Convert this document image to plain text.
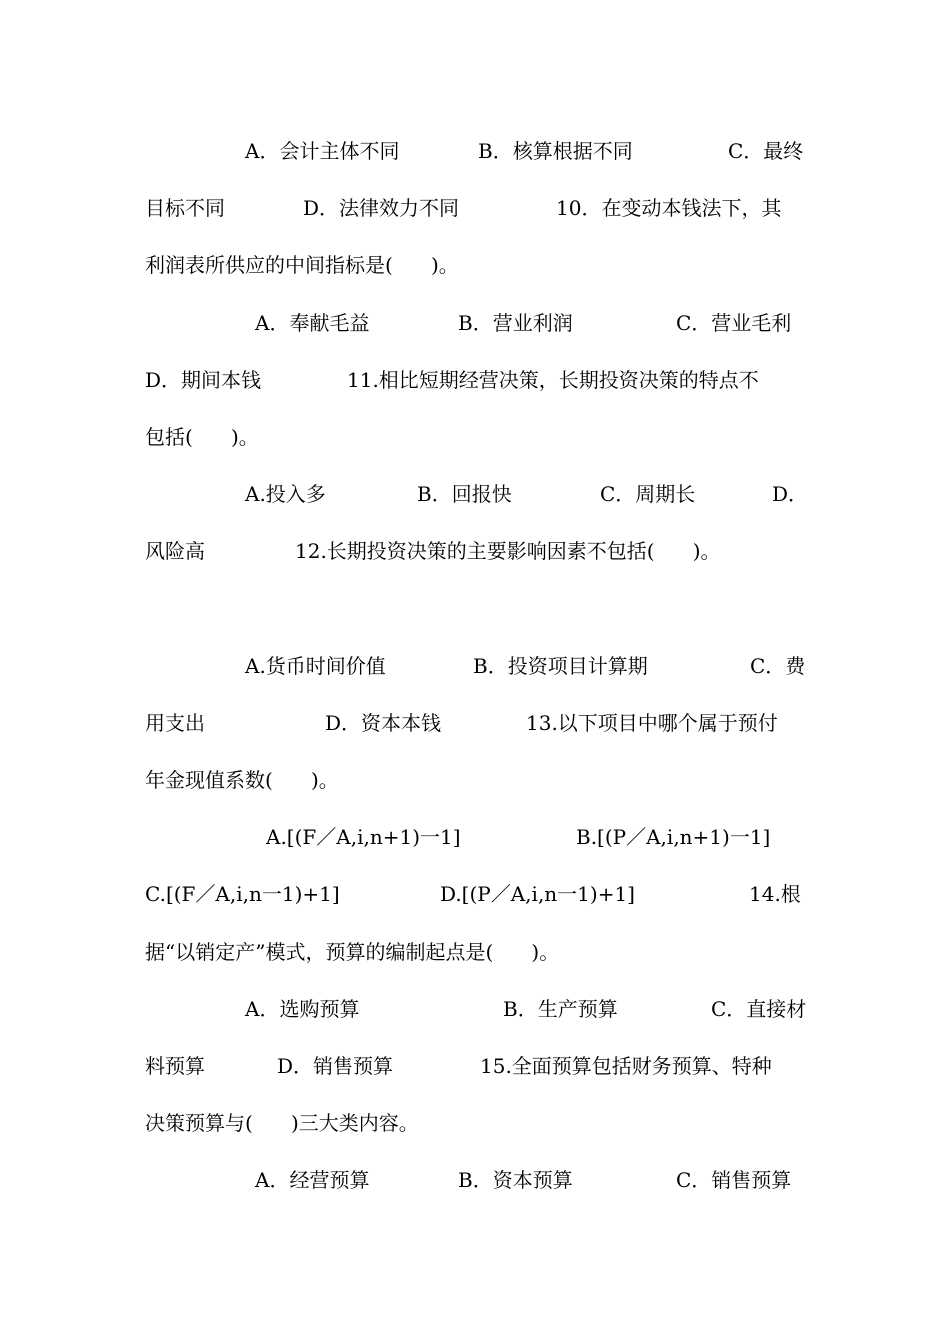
A．会计主体不同

	B．核算根据不同

	C．最终

目标不同

	D．法律效力不同

	10．在变动本钱法下，其

利润表所供应的中间指标是(      )。

A．奉献毛益

	B．营业利润

	C．营业毛利

D．期间本钱

	11.相比短期经营决策，长期投资决策的特点不

包括(      )。

A.投入多

	B．回报快

	C．周期长

	D．

风险高

	12.长期投资决策的主要影响因素不包括(      )。

A.货币时间价值

	B．投资项目计算期

	C．费

用支出

	D．资本本钱

	13.以下项目中哪个属于预付

年金现值系数(      )。

A.[(F／A,i,n+1)一1]

	B.[(P／A,i,n+1)一1]

C.[(F／A,i,n一1)+1]

	D.[(P／A,i,n一1)+1]

	14.根

据“以销定产”模式，预算的编制起点是(      )。

A．选购预算

	B．生产预算

	C．直接材

料预算

	D．销售预算

	15.全面预算包括财务预算、特种

决策预算与(      )三大类内容。

A．经营预算

	B．资本预算

	C．销售预算
